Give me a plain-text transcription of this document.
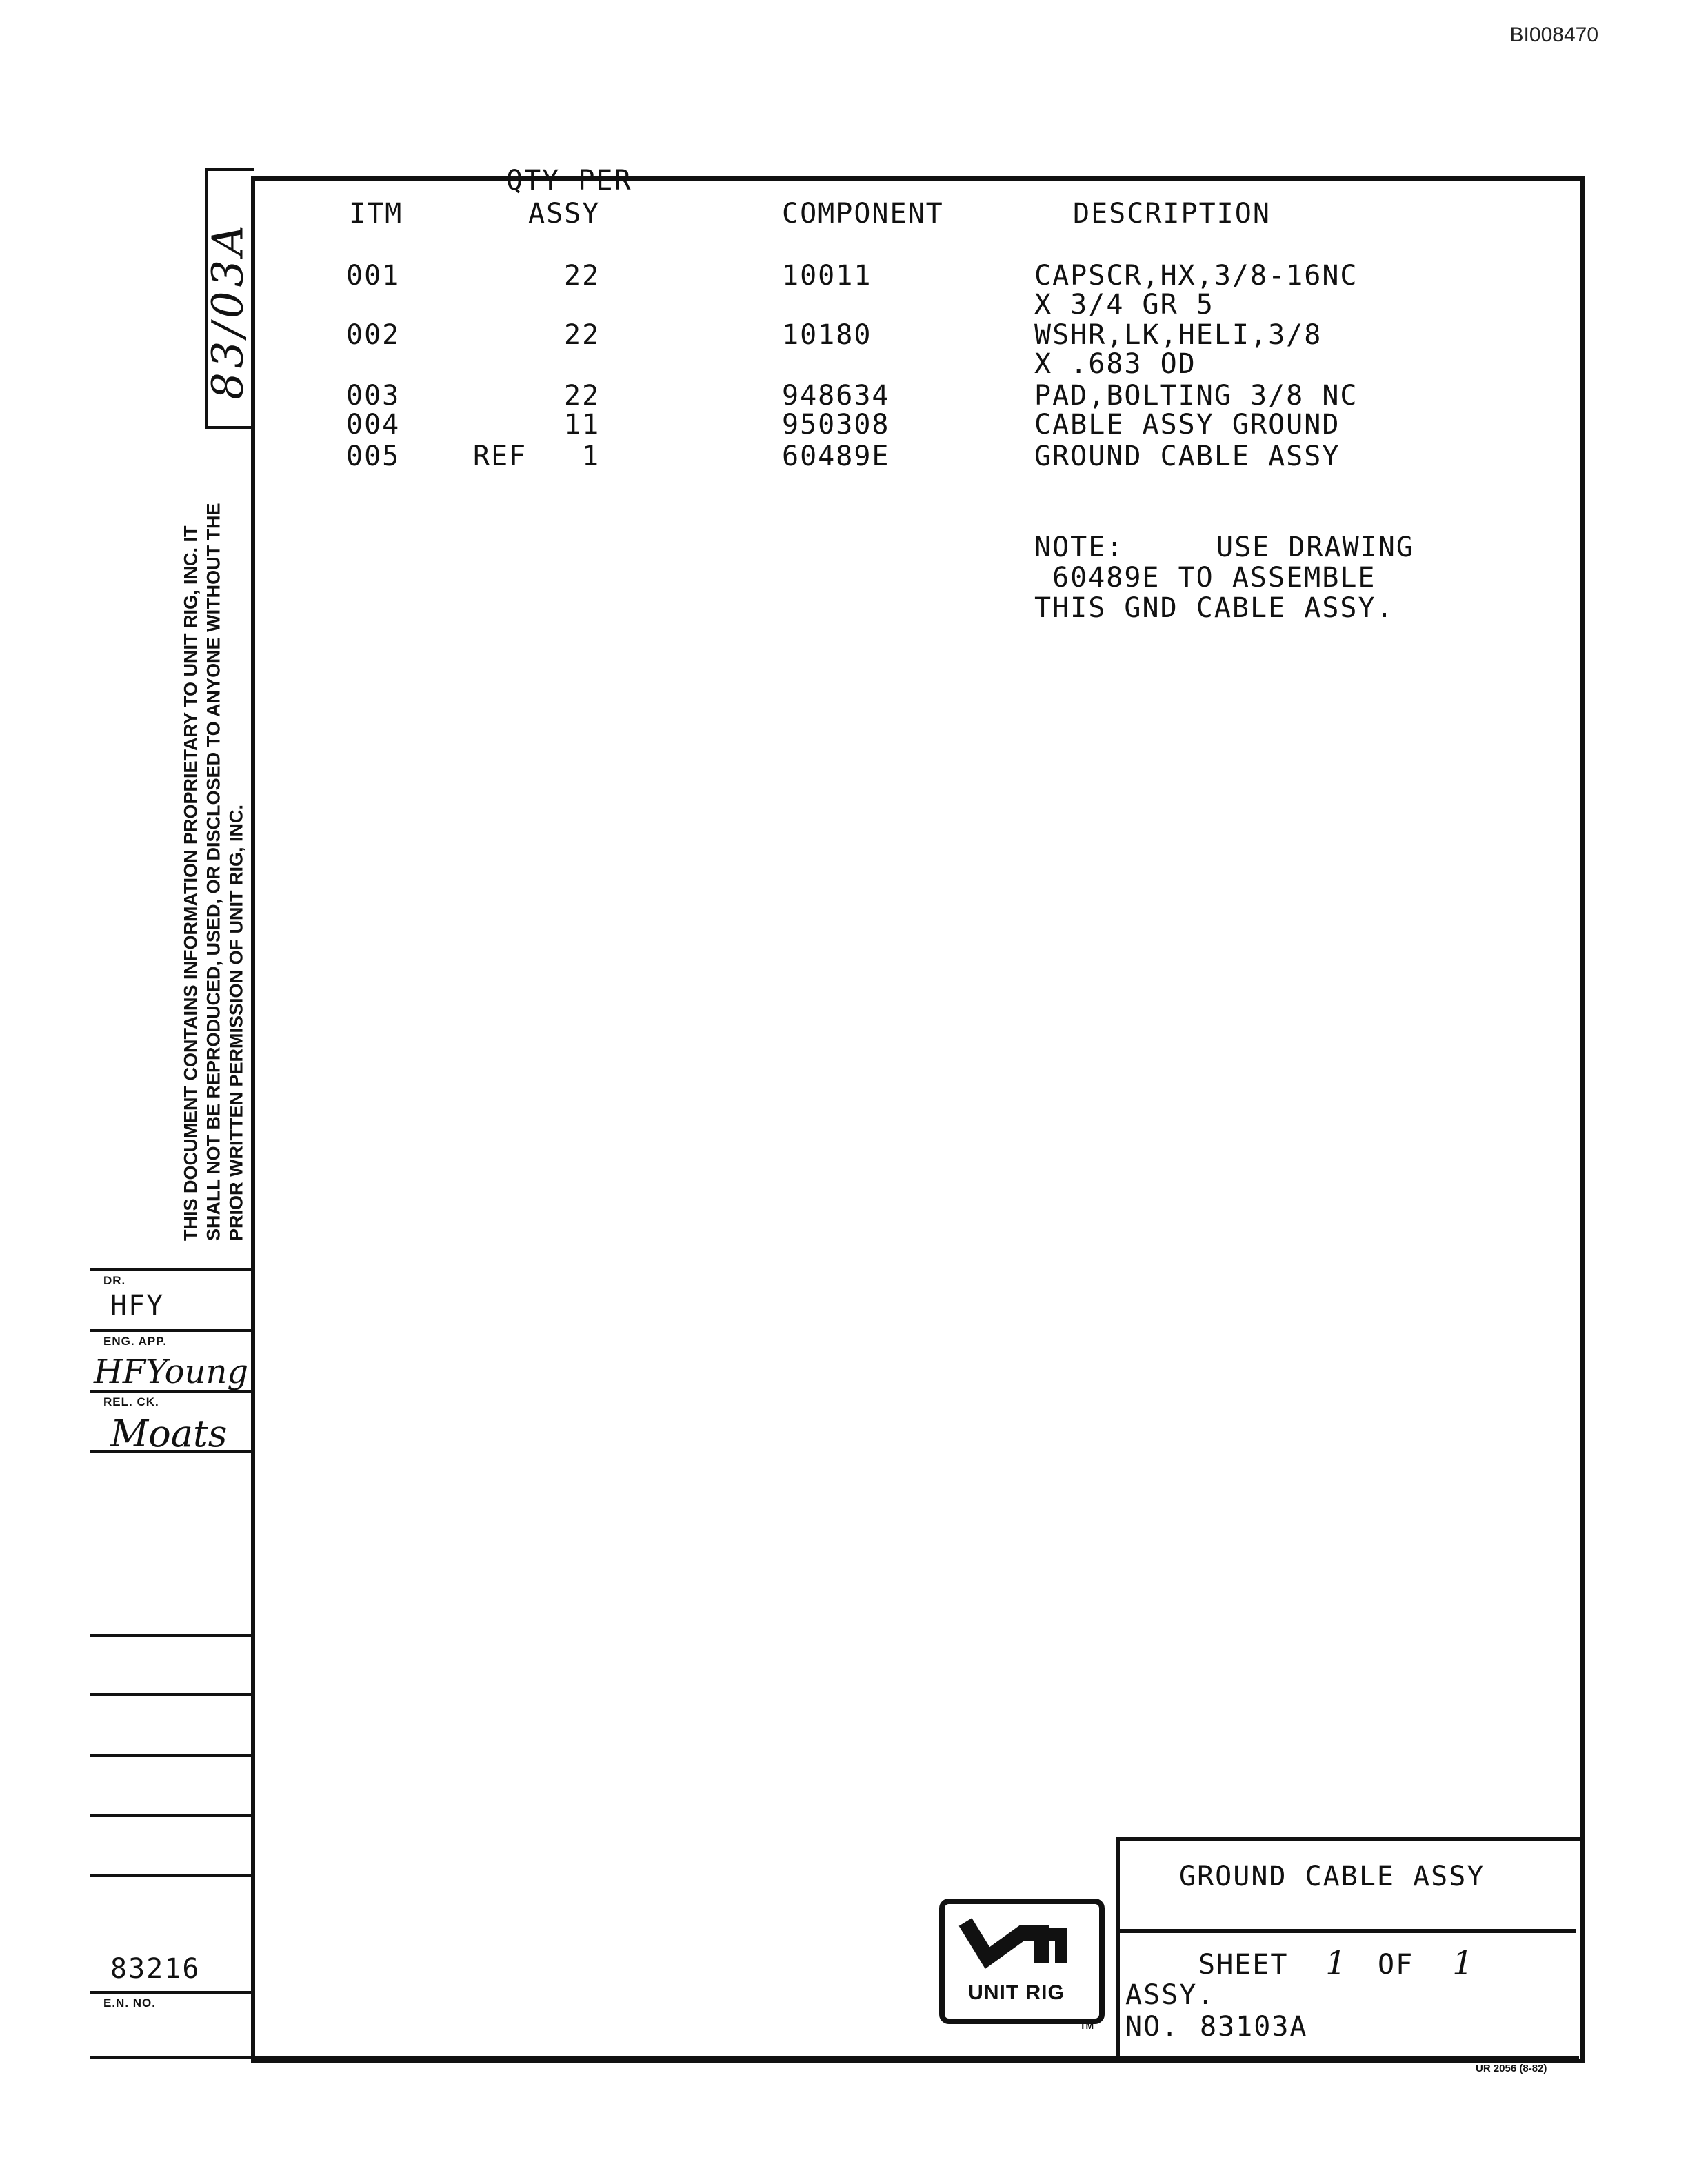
BI008470
83/03A
THIS DOCUMENT CONTAINS INFORMATION PROPRIETARY TO UNIT RIG, INC. IT SHALL NOT BE REPRODUCED, USED, OR DISCLOSED TO ANYONE WITHOUT THE PRIOR WRITTEN PERMISSION OF UNIT RIG, INC.
QTY PER
ITM	ASSY	COMPONENT	DESCRIPTION
001	22	10011	CAPSCR,HX,3/8-16NC
X 3/4 GR 5
002	22	10180	WSHR,LK,HELI,3/8
X .683 OD
003	22	948634	PAD,BOLTING 3/8 NC
004	11	950308	CABLE ASSY GROUND
005	REF 1	60489E	GROUND CABLE ASSY
NOTE:	USE DRAWING
60489E TO ASSEMBLE
THIS GND CABLE ASSY.
DR.
HFY
ENG. APP.
HFYoung
REL. CK.
Moats
83216
E.N. NO.
GROUND CABLE ASSY
SHEET 1 OF 1
ASSY.
NO. 83103A
UNIT RIG
TM
UR 2056 (8-82)
